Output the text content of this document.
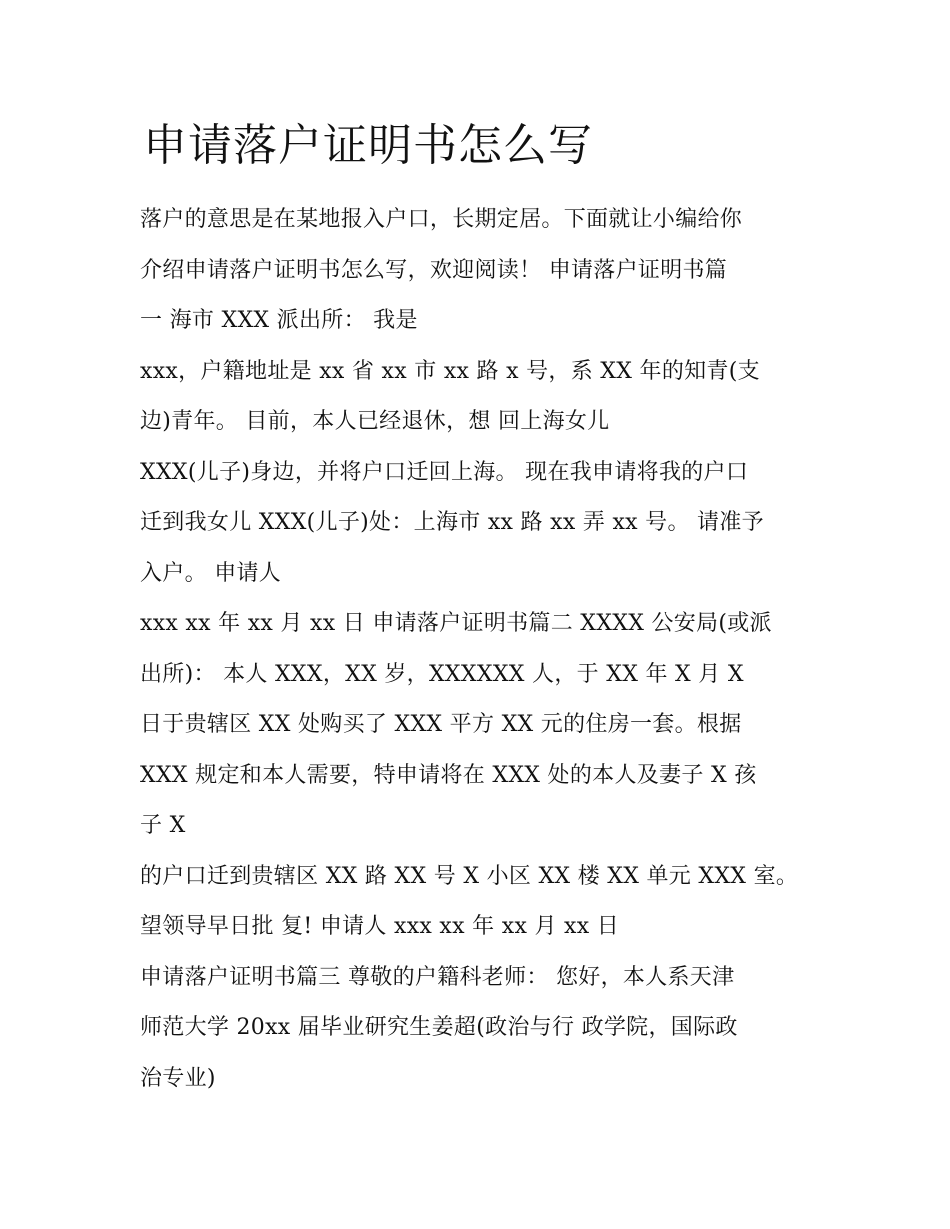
申请落户证明书怎么写
落户的意思是在某地报入户口，长期定居。下面就让小编给你
介绍申请落户证明书怎么写，欢迎阅读！ 申请落户证明书篇
一 海市 XXX 派出所： 我是
xxx，户籍地址是 xx 省 xx 市 xx 路 x 号，系 XX 年的知青(支
边)青年。 目前，本人已经退休，想 回上海女儿
XXX(儿子)身边，并将户口迁回上海。 现在我申请将我的户口
迁到我女儿 XXX(儿子)处：上海市 xx 路 xx 弄 xx 号。 请准予
入户。 申请人
xxx xx 年 xx 月 xx 日 申请落户证明书篇二 XXXX 公安局(或派
出所)： 本人 XXX，XX 岁，XXXXXX 人，于 XX 年 X 月 X
日于贵辖区 XX 处购买了 XXX 平方 XX 元的住房一套。根据
XXX 规定和本人需要，特申请将在 XXX 处的本人及妻子 X 孩
子 X
的户口迁到贵辖区 XX 路 XX 号 X 小区 XX 楼 XX 单元 XXX 室。
望领导早日批 复! 申请人 xxx xx 年 xx 月 xx 日
申请落户证明书篇三 尊敬的户籍科老师： 您好，本人系天津
师范大学 20xx 届毕业研究生姜超(政治与行 政学院，国际政
治专业)
